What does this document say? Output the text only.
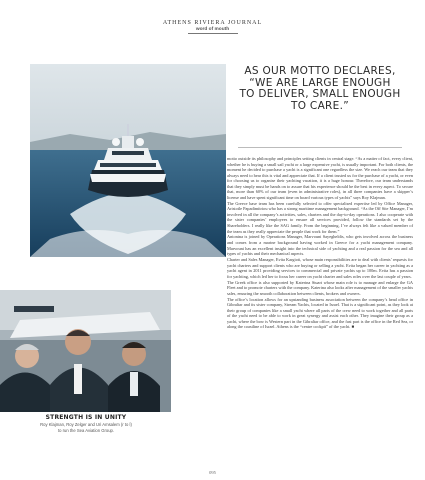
ATHENS RIVIERA JOURNAL
word of mouth
AS OUR MOTTO DECLARES,
“WE ARE LARGE ENOUGH
TO DELIVER, SMALL ENOUGH
TO CARE.”

motto outside its philosophy and principles setting clients in central stage. “As a matter of fact, every client, whether he is buying a small sail yacht or a large expensive yacht, is usually important. For both clients, the moment he decided to purchase a yacht is a significant one regardless the size. We reach our team that they always need to hear this is vital and appreciate that. If a client trusted us for the purchase of a yacht, or even for choosing us to organise their yachting vacation, it is a huge honour. Therefore, our team understands that they simply must be hands on to assure that his experience should be the best in every aspect. To secure that, more than 60% of our team (even in administrative roles), in all three companies have a skipper’s license and have spent significant time on board various types of yachts” says Roy Klajman.

The Greece base team has been carefully selected to offer specialised expertise led by Office Manager, Aristotle Papadimitriou who has a strong maritime management background. “As the Off Site Manager, I’m involved in all the company’s activities, sales, charters and the day-to-day operations. I also cooperate with the sister companies’ employees to ensure all services provided, follow the standards set by the Shareholders. I really like the SAG family. From the beginning, I’ve always felt like a valued member of the team as they really appreciate the people that work for them.”

Antonina is joined by Operations Manager, Marvouni Sayegheldis, who gets involved across the business and comes from a marine background having worked in Greece for a yacht management company. Marvouni has an excellent insight into the technical side of yachting and a real passion for the sea and all types of yachts and their mechanical aspects.

Charter and Sales Manager, Evita Kargioti, whose main responsibilities are to deal with clients’ requests for yacht charters and support clients who are buying or selling a yacht. Evita began her career in yachting as a yacht agent in 2011 providing services to commercial and private yachts up to 100m. Evita has a passion for yachting, which led her to focus her career on yacht charter and sales roles over the last couple of years.

The Greek office is also supported by Katerina Stuart whose main role is to manage and enlarge the GA Fleet and to promote charters with the company. Katerina also looks after management of the smaller yachts sales, ensuring the smooth collaboration between clients, brokers and owners.

The office’s location allows for an upstanding business association between the company’s head office in Gibraltar and its sister company, Stream Yachts, located in Israel. That is a significant point, as they look at their group of companies like a small yacht where all parts of the crew need to work together and all parts of the yacht need to be able to work in great synergy and assist each other. They imagine their group as a yacht, where the bow is Western part in the Gibraltar office, and the fast part is the office in the Red Sea, or along the coastline of Israel. Athens is the “centre cockpit” of the yacht. ■

STRENGTH IS IN UNITY
Roy Klajman, Roy Zelger and Uri Amsalem (r to l)
to run the Sea Aviation Group.
095
